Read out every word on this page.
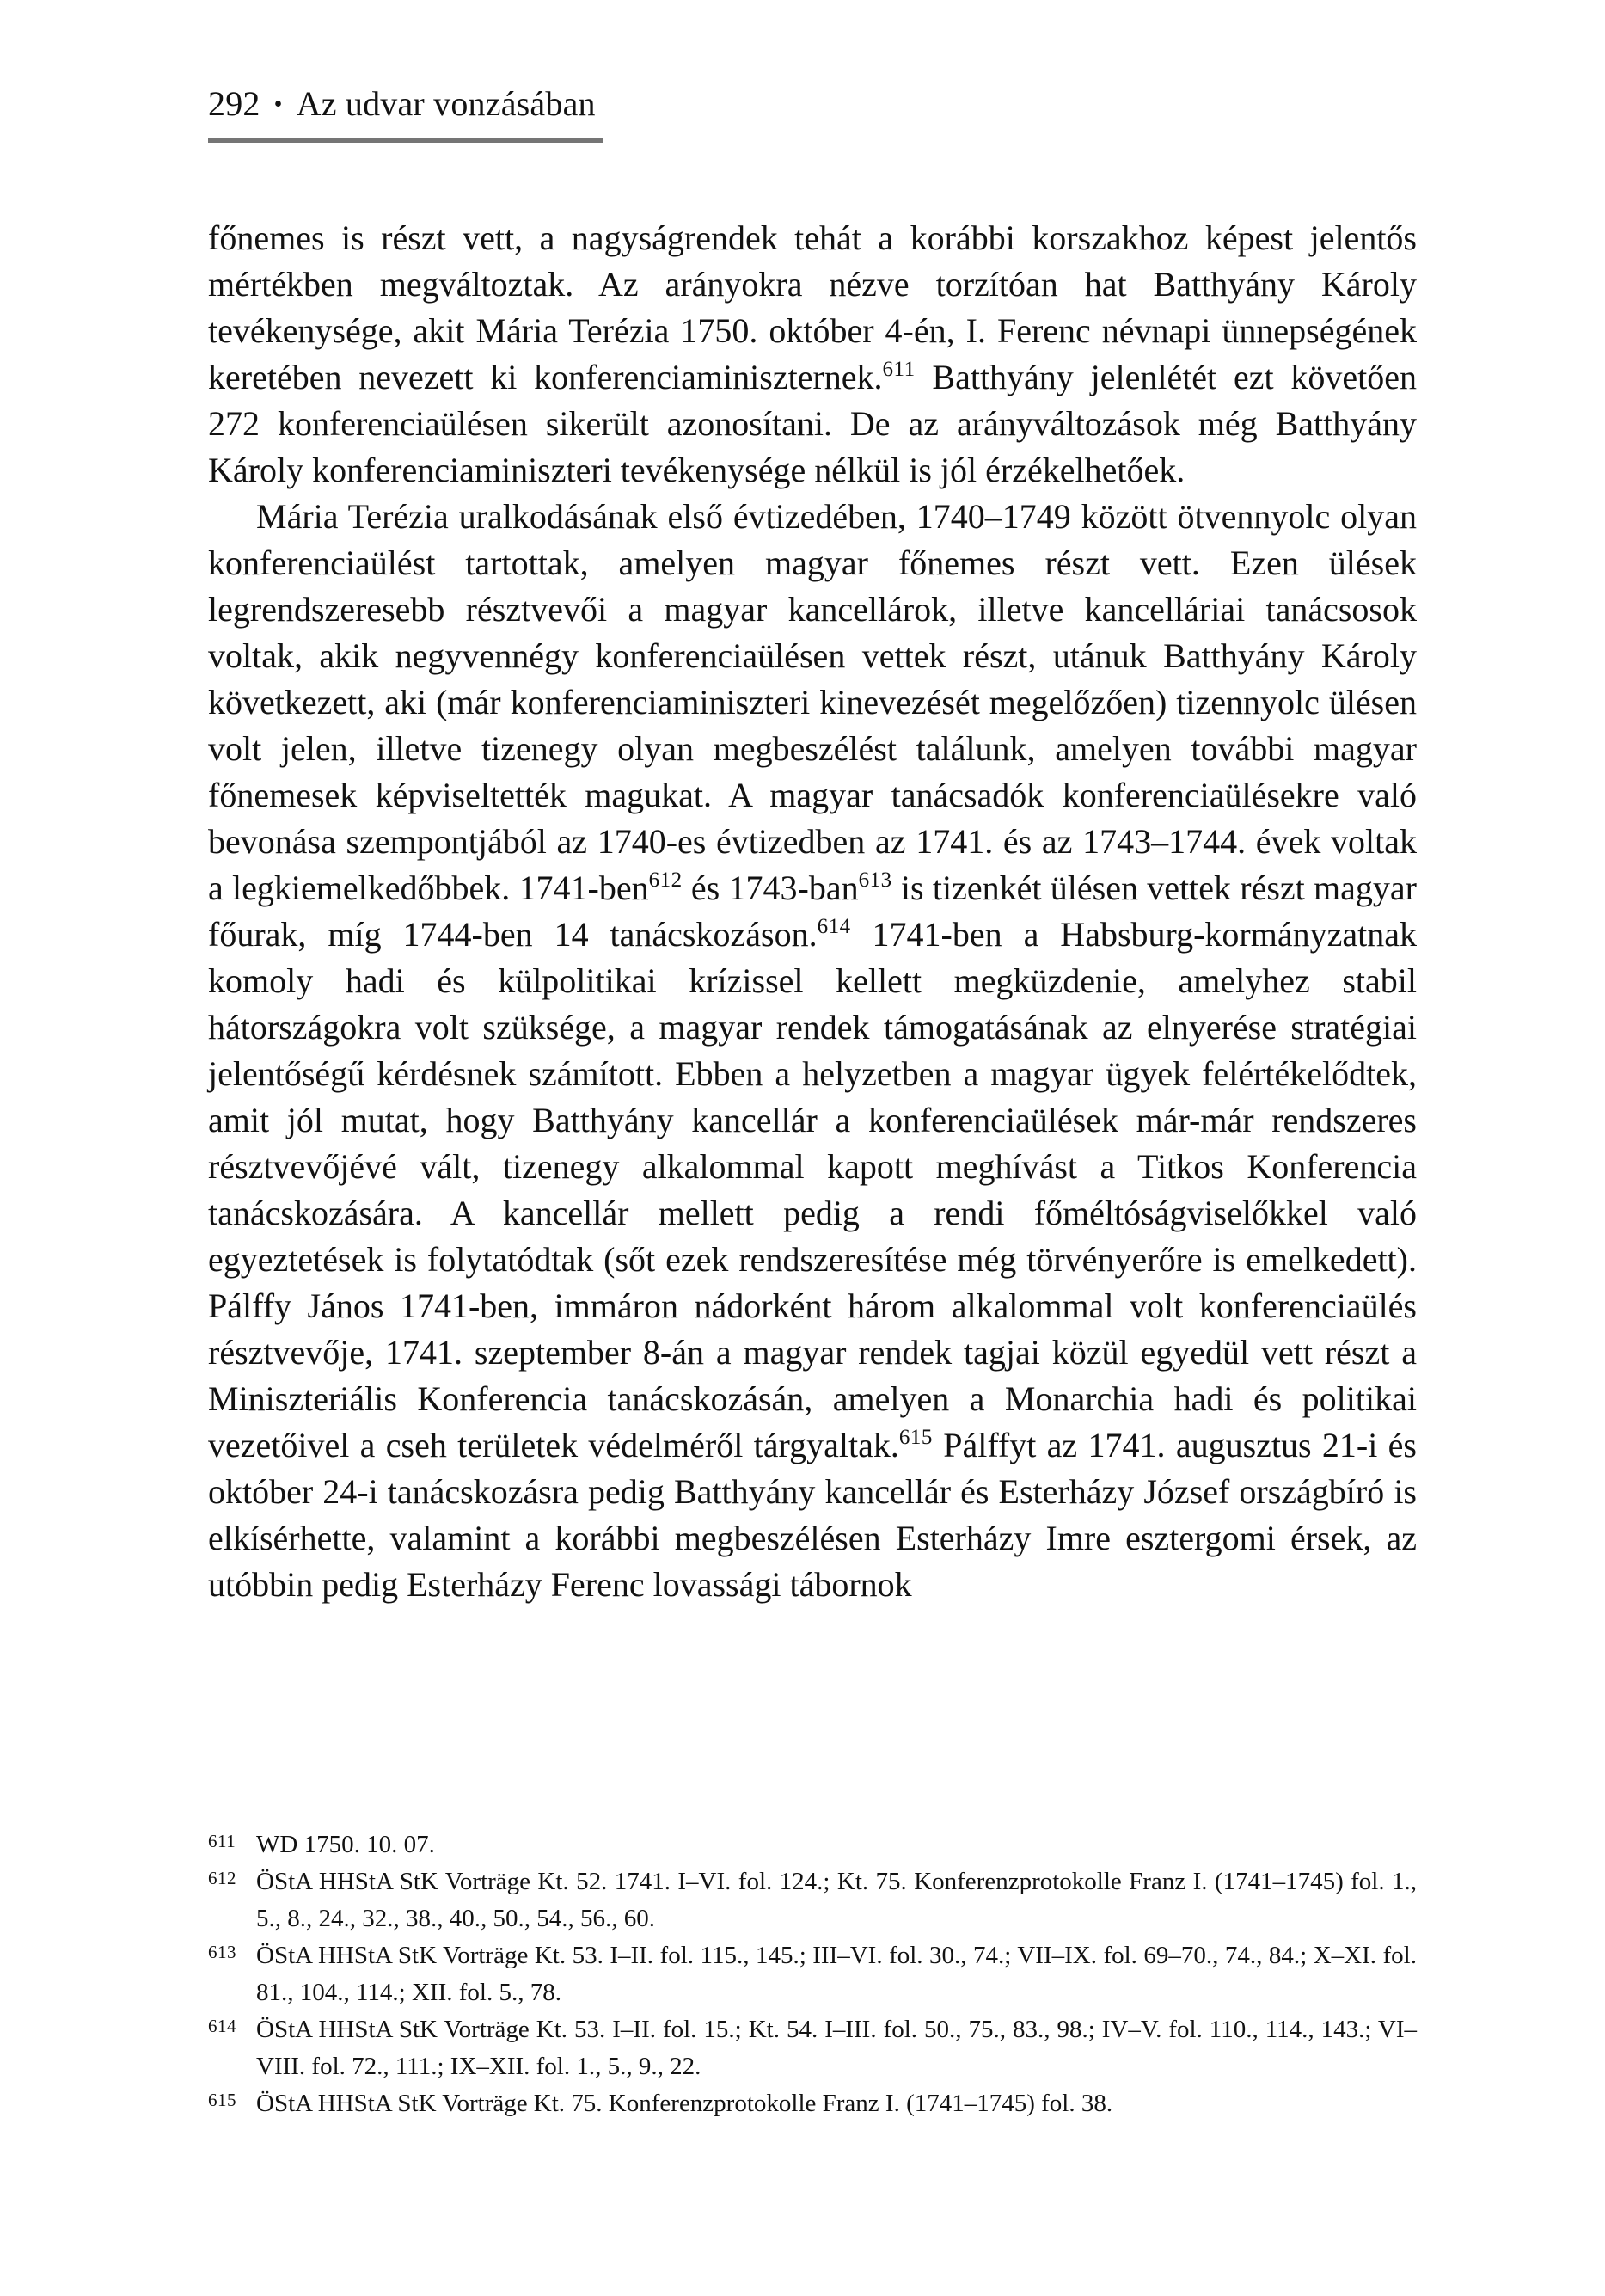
292 • Az udvar vonzásában

főnemes is részt vett, a nagyságrendek tehát a korábbi korszakhoz képest jelentős mértékben megváltoztak. Az arányokra nézve torzítóan hat Batthyány Károly tevékenysége, akit Mária Terézia 1750. október 4-én, I. Ferenc névnapi ünnepségének keretében nevezett ki konferenciaminiszternek.$^{611}$ Batthyány jelenlétét ezt követően 272 konferenciaülésen sikerült azonosítani. De az arányváltozások még Batthyány Károly konferenciaminiszteri tevékenysége nélkül is jól érzékelhetőek.

Mária Terézia uralkodásának első évtizedében, 1740–1749 között ötvennyolc olyan konferenciaülést tartottak, amelyen magyar főnemes részt vett. Ezen ülések legrendszeresebb résztvevői a magyar kancellárok, illetve kancelláriai tanácsosok voltak, akik negyvennégy konferenciaülésen vettek részt, utánuk Batthyány Károly következett, aki (már konferenciaminiszteri kinevezését megelőzően) tizennyolc ülésen volt jelen, illetve tizenegy olyan megbeszélést találunk, amelyen további magyar főnemesek képviseltették magukat. A magyar tanácsadók konferenciaülésekre való bevonása szempontjából az 1740-es évtizedben az 1741. és az 1743–1744. évek voltak a legkiemelkedőbbek. 1741-ben$^{612}$ és 1743-ban$^{613}$ is tizenkét ülésen vettek részt magyar főurak, míg 1744-ben 14 tanácskozáson.$^{614}$ 1741-ben a Habsburg-kormányzatnak komoly hadi és külpolitikai krízissel kellett megküzdenie, amelyhez stabil hátországokra volt szüksége, a magyar rendek támogatásának az elnyerése stratégiai jelentőségű kérdésnek számított. Ebben a helyzetben a magyar ügyek felértékelődtek, amit jól mutat, hogy Batthyány kancellár a konferenciaülések már-már rendszeres résztvevőjévé vált, tizenegy alkalommal kapott meghívást a Titkos Konferencia tanácskozására. A kancellár mellett pedig a rendi főméltóságviselőkkel való egyeztetések is folytatódtak (sőt ezek rendszeresítése még törvényerőre is emelkedett). Pálffy János 1741-ben, immáron nádorként három alkalommal volt konferenciaülés résztvevője, 1741. szeptember 8-án a magyar rendek tagjai közül egyedül vett részt a Miniszteriális Konferencia tanácskozásán, amelyen a Monarchia hadi és politikai vezetőivel a cseh területek védelméről tárgyaltak.$^{615}$ Pálffyt az 1741. augusztus 21-i és október 24-i tanácskozásra pedig Batthyány kancellár és Esterházy József országbíró is elkísérhette, valamint a korábbi megbeszélésen Esterházy Imre esztergomi érsek, az utóbbin pedig Esterházy Ferenc lovassági tábornok

611 WD 1750. 10. 07.
612 ÖStA HHStA StK Vorträge Kt. 52. 1741. I–VI. fol. 124.; Kt. 75. Konferenzprotokolle Franz I. (1741–1745) fol. 1., 5., 8., 24., 32., 38., 40., 50., 54., 56., 60.
613 ÖStA HHStA StK Vorträge Kt. 53. I–II. fol. 115., 145.; III–VI. fol. 30., 74.; VII–IX. fol. 69–70., 74., 84.; X–XI. fol. 81., 104., 114.; XII. fol. 5., 78.
614 ÖStA HHStA StK Vorträge Kt. 53. I–II. fol. 15.; Kt. 54. I–III. fol. 50., 75., 83., 98.; IV–V. fol. 110., 114., 143.; VI–VIII. fol. 72., 111.; IX–XII. fol. 1., 5., 9., 22.
615 ÖStA HHStA StK Vorträge Kt. 75. Konferenzprotokolle Franz I. (1741–1745) fol. 38.
